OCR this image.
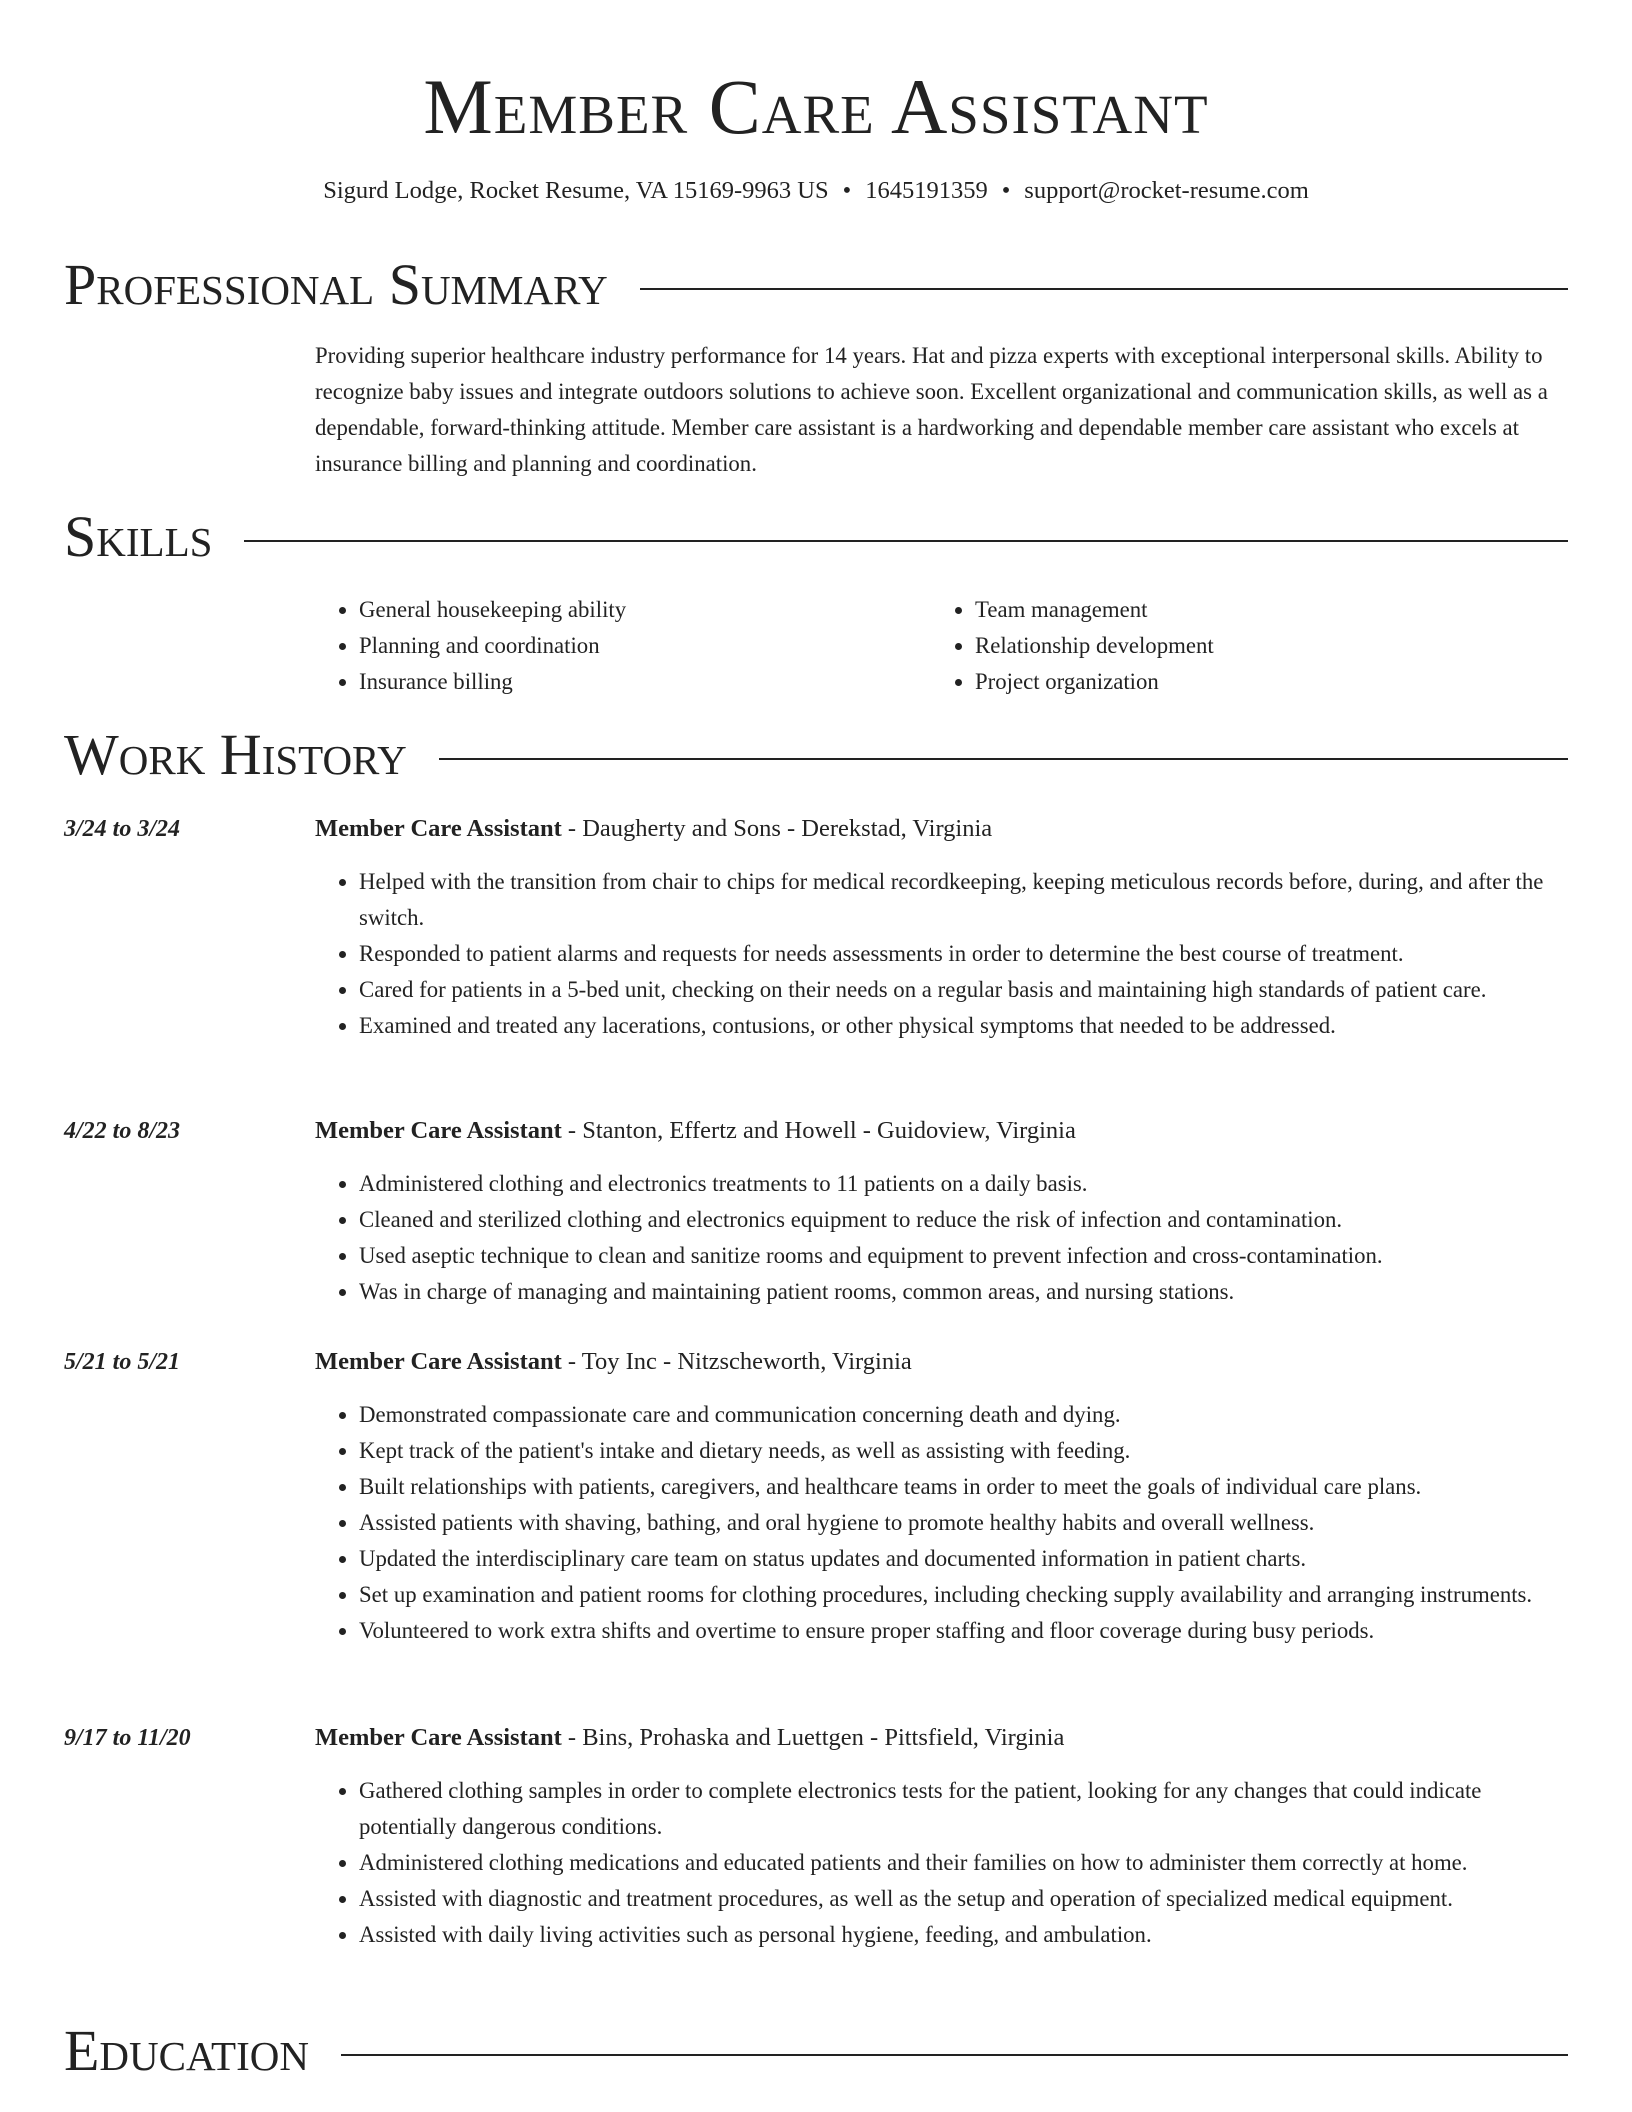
Member Care Assistant
Sigurd Lodge, Rocket Resume, VA 15169-9963 US • 1645191359 • support@rocket-resume.com
Professional Summary
Providing superior healthcare industry performance for 14 years. Hat and pizza experts with exceptional interpersonal skills. Ability to recognize baby issues and integrate outdoors solutions to achieve soon. Excellent organizational and communication skills, as well as a dependable, forward-thinking attitude. Member care assistant is a hardworking and dependable member care assistant who excels at insurance billing and planning and coordination.
Skills
• General housekeeping ability
• Planning and coordination
• Insurance billing
• Team management
• Relationship development
• Project organization
Work History
3/24 to 3/24	Member Care Assistant - Daugherty and Sons - Derekstad, Virginia
• Helped with the transition from chair to chips for medical recordkeeping, keeping meticulous records before, during, and after the switch.
• Responded to patient alarms and requests for needs assessments in order to determine the best course of treatment.
• Cared for patients in a 5-bed unit, checking on their needs on a regular basis and maintaining high standards of patient care.
• Examined and treated any lacerations, contusions, or other physical symptoms that needed to be addressed.
4/22 to 8/23	Member Care Assistant - Stanton, Effertz and Howell - Guidoview, Virginia
• Administered clothing and electronics treatments to 11 patients on a daily basis.
• Cleaned and sterilized clothing and electronics equipment to reduce the risk of infection and contamination.
• Used aseptic technique to clean and sanitize rooms and equipment to prevent infection and cross-contamination.
• Was in charge of managing and maintaining patient rooms, common areas, and nursing stations.
5/21 to 5/21	Member Care Assistant - Toy Inc - Nitzscheworth, Virginia
• Demonstrated compassionate care and communication concerning death and dying.
• Kept track of the patient's intake and dietary needs, as well as assisting with feeding.
• Built relationships with patients, caregivers, and healthcare teams in order to meet the goals of individual care plans.
• Assisted patients with shaving, bathing, and oral hygiene to promote healthy habits and overall wellness.
• Updated the interdisciplinary care team on status updates and documented information in patient charts.
• Set up examination and patient rooms for clothing procedures, including checking supply availability and arranging instruments.
• Volunteered to work extra shifts and overtime to ensure proper staffing and floor coverage during busy periods.
9/17 to 11/20	Member Care Assistant - Bins, Prohaska and Luettgen - Pittsfield, Virginia
• Gathered clothing samples in order to complete electronics tests for the patient, looking for any changes that could indicate potentially dangerous conditions.
• Administered clothing medications and educated patients and their families on how to administer them correctly at home.
• Assisted with diagnostic and treatment procedures, as well as the setup and operation of specialized medical equipment.
• Assisted with daily living activities such as personal hygiene, feeding, and ambulation.
Education
